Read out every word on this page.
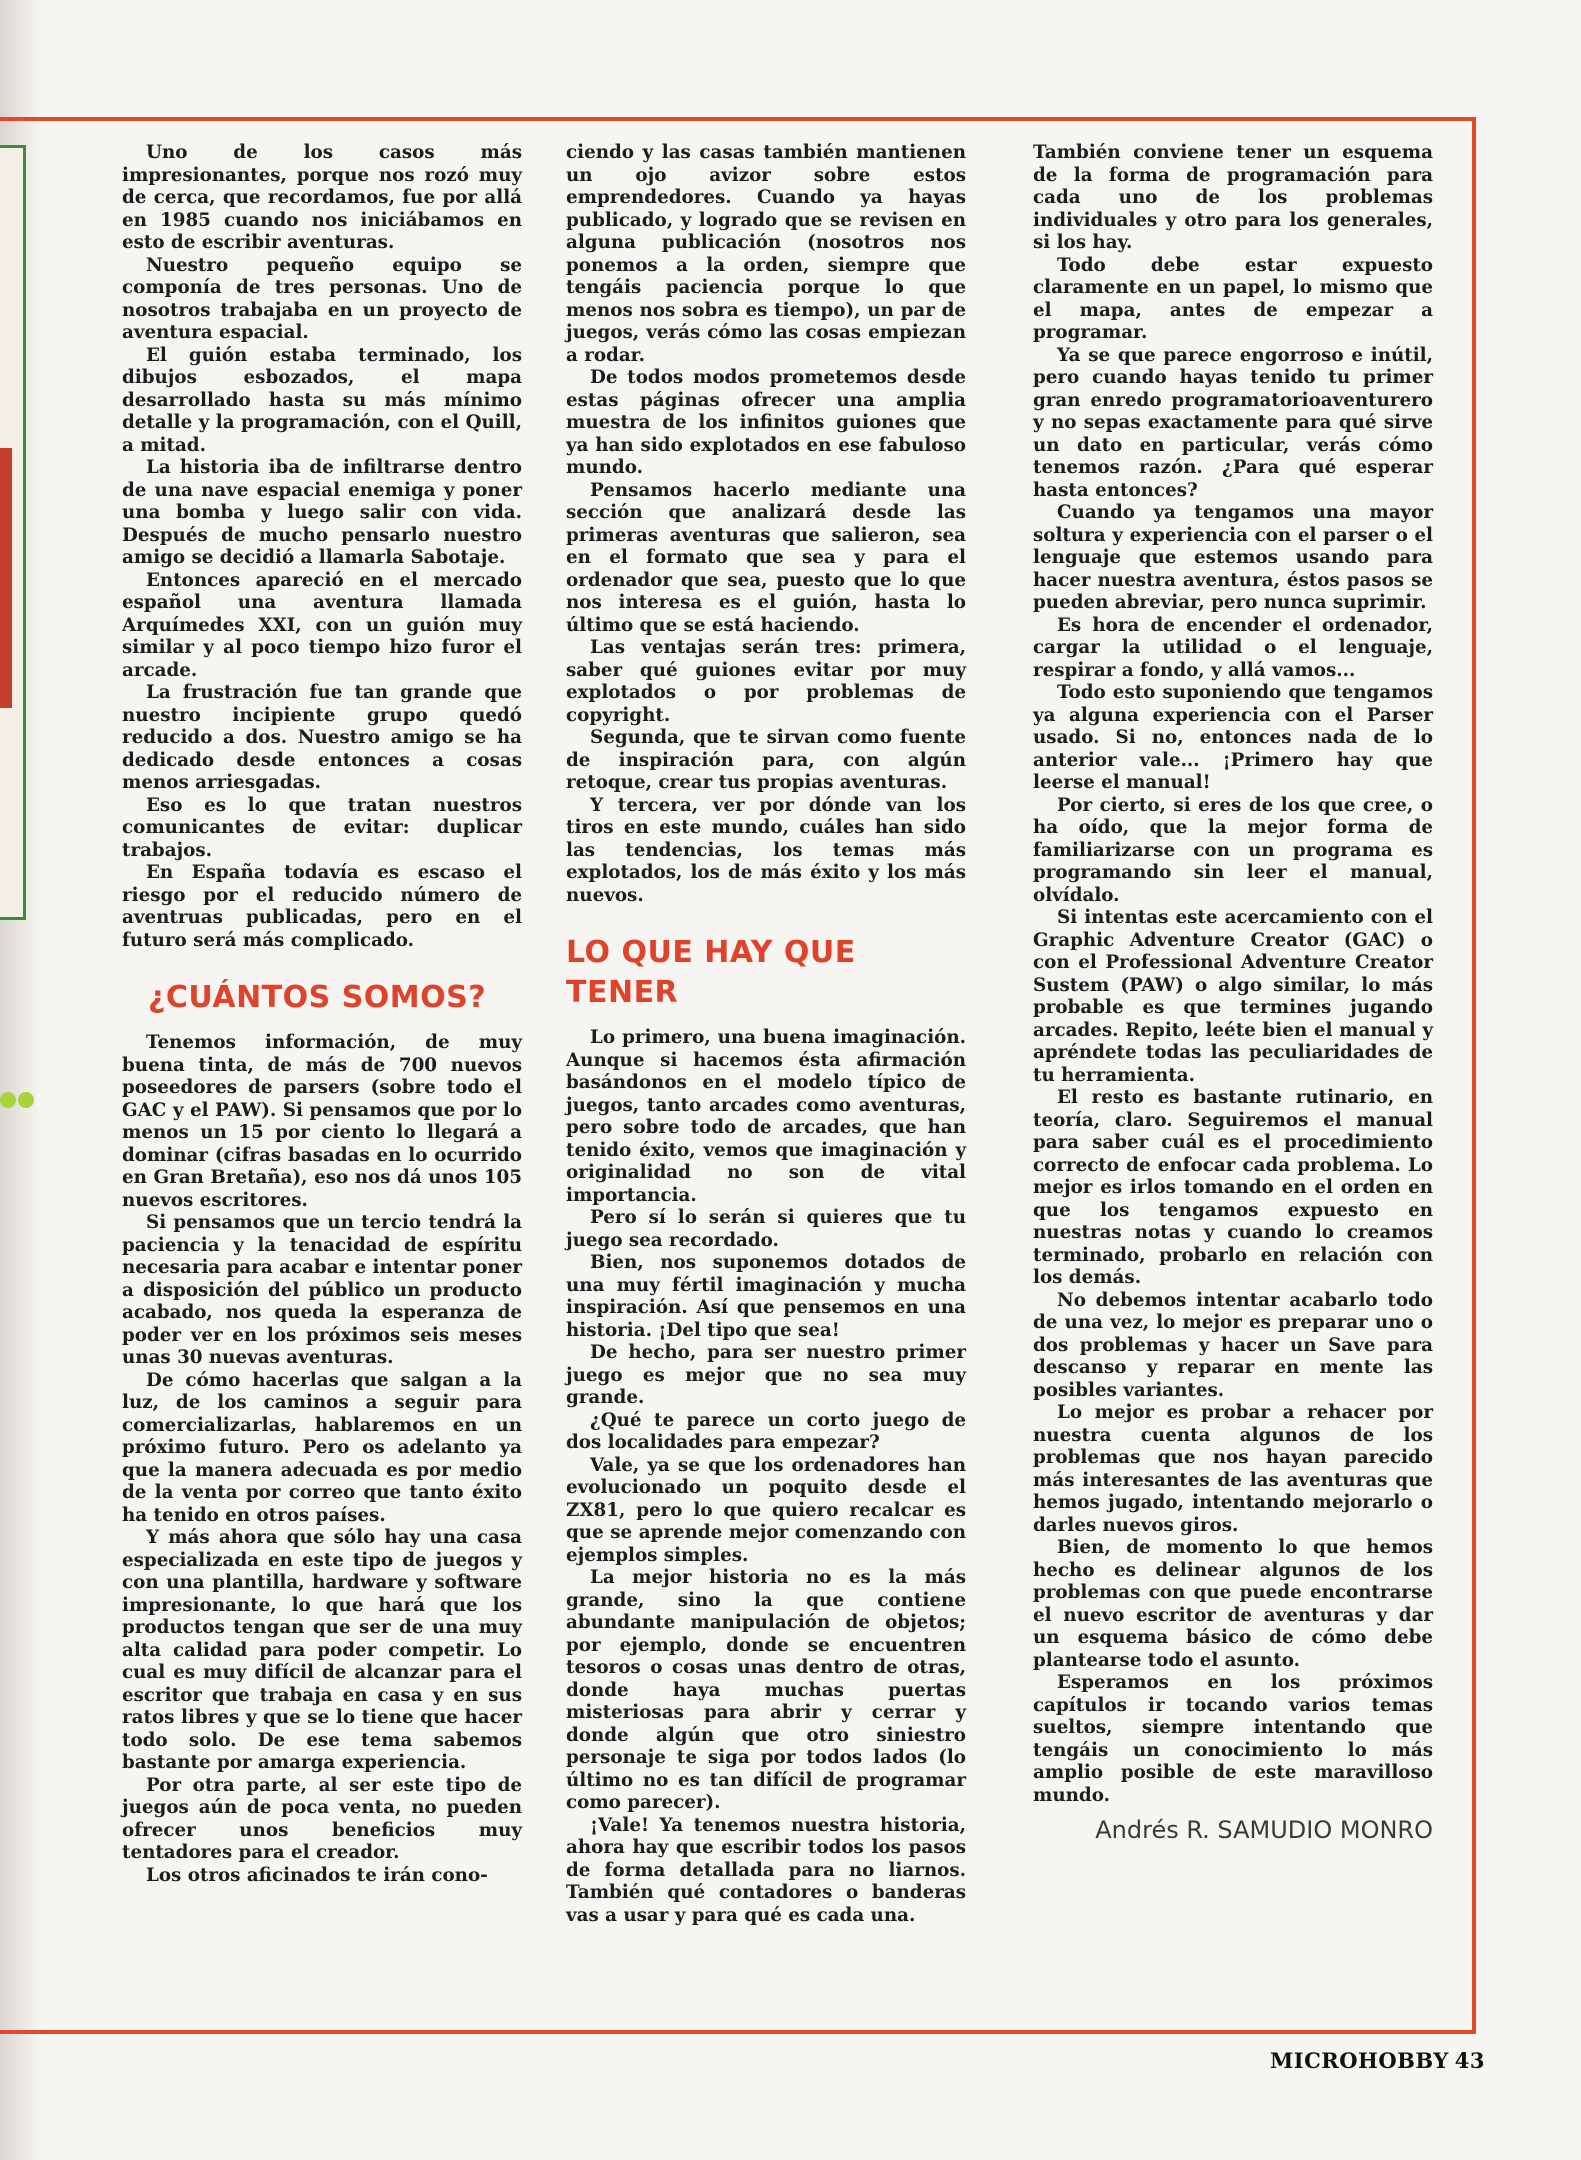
Uno de los casos más impresionantes, porque nos rozó muy de cerca, que recordamos, fue por allá en 1985 cuando nos iniciábamos en esto de escribir aventuras.

Nuestro pequeño equipo se componía de tres personas. Uno de nosotros trabajaba en un proyecto de aventura espacial.

El guión estaba terminado, los dibujos esbozados, el mapa desarrollado hasta su más mínimo detalle y la programación, con el Quill, a mitad.

La historia iba de infiltrarse dentro de una nave espacial enemiga y poner una bomba y luego salir con vida. Después de mucho pensarlo nuestro amigo se decidió a llamarla Sabotaje.

Entonces apareció en el mercado español una aventura llamada Arquímedes XXI, con un guión muy similar y al poco tiempo hizo furor el arcade.

La frustración fue tan grande que nuestro incipiente grupo quedó reducido a dos. Nuestro amigo se ha dedicado desde entonces a cosas menos arriesgadas.

Eso es lo que tratan nuestros comunicantes de evitar: duplicar trabajos.

En España todavía es escaso el riesgo por el reducido número de aventruas publicadas, pero en el futuro será más complicado.

¿CUÁNTOS SOMOS?

Tenemos información, de muy buena tinta, de más de 700 nuevos poseedores de parsers (sobre todo el GAC y el PAW). Si pensamos que por lo menos un 15 por ciento lo llegará a dominar (cifras basadas en lo ocurrido en Gran Bretaña), eso nos dá unos 105 nuevos escritores.

Si pensamos que un tercio tendrá la paciencia y la tenacidad de espíritu necesaria para acabar e intentar poner a disposición del público un producto acabado, nos queda la esperanza de poder ver en los próximos seis meses unas 30 nuevas aventuras.

De cómo hacerlas que salgan a la luz, de los caminos a seguir para comercializarlas, hablaremos en un próximo futuro. Pero os adelanto ya que la manera adecuada es por medio de la venta por correo que tanto éxito ha tenido en otros países.

Y más ahora que sólo hay una casa especializada en este tipo de juegos y con una plantilla, hardware y software impresionante, lo que hará que los productos tengan que ser de una muy alta calidad para poder competir. Lo cual es muy difícil de alcanzar para el escritor que trabaja en casa y en sus ratos libres y que se lo tiene que hacer todo solo. De ese tema sabemos bastante por amarga experiencia.

Por otra parte, al ser este tipo de juegos aún de poca venta, no pueden ofrecer unos beneficios muy tentadores para el creador.

Los otros aficinados te irán cono-

ciendo y las casas también mantienen un ojo avizor sobre estos emprendedores. Cuando ya hayas publicado, y logrado que se revisen en alguna publicación (nosotros nos ponemos a la orden, siempre que tengáis paciencia porque lo que menos nos sobra es tiempo), un par de juegos, verás cómo las cosas empiezan a rodar.

De todos modos prometemos desde estas páginas ofrecer una amplia muestra de los infinitos guiones que ya han sido explotados en ese fabuloso mundo.

Pensamos hacerlo mediante una sección que analizará desde las primeras aventuras que salieron, sea en el formato que sea y para el ordenador que sea, puesto que lo que nos interesa es el guión, hasta lo último que se está haciendo.

Las ventajas serán tres: primera, saber qué guiones evitar por muy explotados o por problemas de copyright.

Segunda, que te sirvan como fuente de inspiración para, con algún retoque, crear tus propias aventuras.

Y tercera, ver por dónde van los tiros en este mundo, cuáles han sido las tendencias, los temas más explotados, los de más éxito y los más nuevos.

LO QUE HAY QUE TENER

Lo primero, una buena imaginación. Aunque si hacemos ésta afirmación basándonos en el modelo típico de juegos, tanto arcades como aventuras, pero sobre todo de arcades, que han tenido éxito, vemos que imaginación y originalidad no son de vital importancia.

Pero sí lo serán si quieres que tu juego sea recordado.

Bien, nos suponemos dotados de una muy fértil imaginación y mucha inspiración. Así que pensemos en una historia. ¡Del tipo que sea!

De hecho, para ser nuestro primer juego es mejor que no sea muy grande.

¿Qué te parece un corto juego de dos localidades para empezar?

Vale, ya se que los ordenadores han evolucionado un poquito desde el ZX81, pero lo que quiero recalcar es que se aprende mejor comenzando con ejemplos simples.

La mejor historia no es la más grande, sino la que contiene abundante manipulación de objetos; por ejemplo, donde se encuentren tesoros o cosas unas dentro de otras, donde haya muchas puertas misteriosas para abrir y cerrar y donde algún que otro siniestro personaje te siga por todos lados (lo último no es tan difícil de programar como parecer).

¡Vale! Ya tenemos nuestra historia, ahora hay que escribir todos los pasos de forma detallada para no liarnos. También qué contadores o banderas vas a usar y para qué es cada una.

También conviene tener un esquema de la forma de programación para cada uno de los problemas individuales y otro para los generales, si los hay.

Todo debe estar expuesto claramente en un papel, lo mismo que el mapa, antes de empezar a programar.

Ya se que parece engorroso e inútil, pero cuando hayas tenido tu primer gran enredo programatorioaventurero y no sepas exactamente para qué sirve un dato en particular, verás cómo tenemos razón. ¿Para qué esperar hasta entonces?

Cuando ya tengamos una mayor soltura y experiencia con el parser o el lenguaje que estemos usando para hacer nuestra aventura, éstos pasos se pueden abreviar, pero nunca suprimir.

Es hora de encender el ordenador, cargar la utilidad o el lenguaje, respirar a fondo, y allá vamos...

Todo esto suponiendo que tengamos ya alguna experiencia con el Parser usado. Si no, entonces nada de lo anterior vale... ¡Primero hay que leerse el manual!

Por cierto, si eres de los que cree, o ha oído, que la mejor forma de familiarizarse con un programa es programando sin leer el manual, olvídalo.

Si intentas este acercamiento con el Graphic Adventure Creator (GAC) o con el Professional Adventure Creator Sustem (PAW) o algo similar, lo más probable es que termines jugando arcades. Repito, leéte bien el manual y apréndete todas las peculiaridades de tu herramienta.

El resto es bastante rutinario, en teoría, claro. Seguiremos el manual para saber cuál es el procedimiento correcto de enfocar cada problema. Lo mejor es irlos tomando en el orden en que los tengamos expuesto en nuestras notas y cuando lo creamos terminado, probarlo en relación con los demás.

No debemos intentar acabarlo todo de una vez, lo mejor es preparar uno o dos problemas y hacer un Save para descanso y reparar en mente las posibles variantes.

Lo mejor es probar a rehacer por nuestra cuenta algunos de los problemas que nos hayan parecido más interesantes de las aventuras que hemos jugado, intentando mejorarlo o darles nuevos giros.

Bien, de momento lo que hemos hecho es delinear algunos de los problemas con que puede encontrarse el nuevo escritor de aventuras y dar un esquema básico de cómo debe plantearse todo el asunto.

Esperamos en los próximos capítulos ir tocando varios temas sueltos, siempre intentando que tengáis un conocimiento lo más amplio posible de este maravilloso mundo.

Andrés R. SAMUDIO MONRO
MICROHOBBY 43
